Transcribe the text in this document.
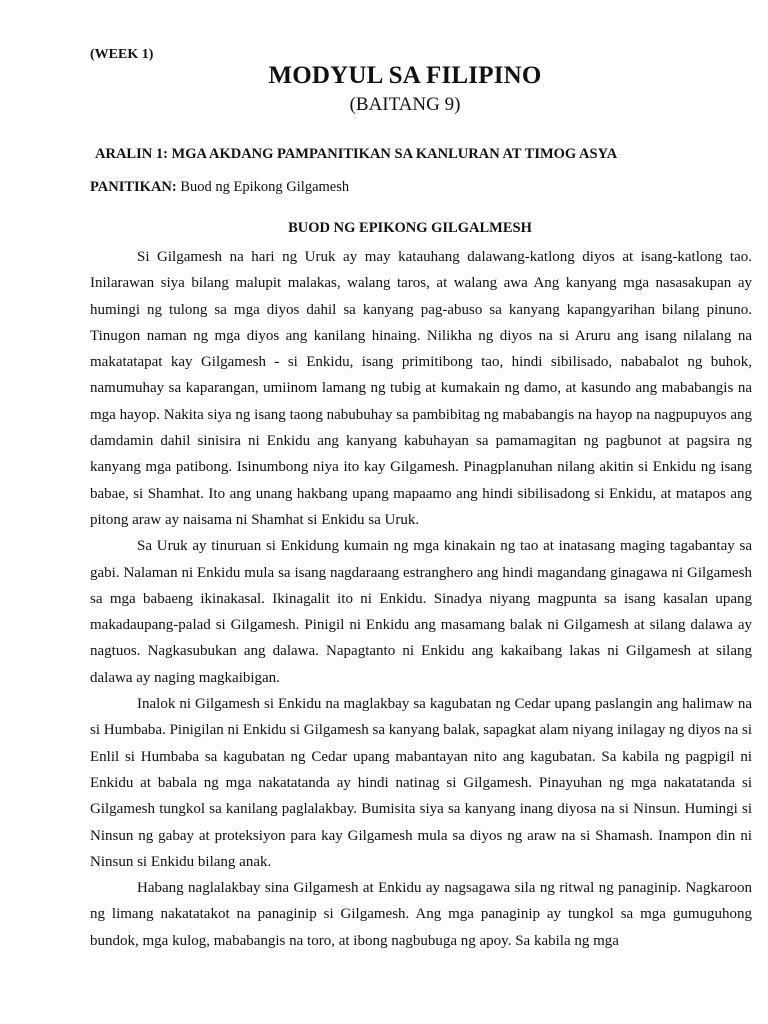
(WEEK 1)

MODYUL SA FILIPINO

(BAITANG 9)

ARALIN 1: MGA AKDANG PAMPANITIKAN SA KANLURAN AT TIMOG ASYA

PANITIKAN: Buod ng Epikong Gilgamesh

BUOD NG EPIKONG GILGALMESH

Si Gilgamesh na hari ng Uruk ay may katauhang dalawang-katlong diyos at isang-katlong tao. Inilarawan siya bilang malupit malakas, walang taros, at walang awa Ang kanyang mga nasasakupan ay humingi ng tulong sa mga diyos dahil sa kanyang pag-abuso sa kanyang kapangyarihan bilang pinuno. Tinugon naman ng mga diyos ang kanilang hinaing. Nilikha ng diyos na si Aruru ang isang nilalang na makatatapat kay Gilgamesh - si Enkidu, isang primitibong tao, hindi sibilisado, nababalot ng buhok, namumuhay sa kaparangan, umiinom lamang ng tubig at kumakain ng damo, at kasundo ang mababangis na mga hayop. Nakita siya ng isang taong nabubuhay sa pambibitag ng mababangis na hayop na nagpupuyos ang damdamin dahil sinisira ni Enkidu ang kanyang kabuhayan sa pamamagitan ng pagbunot at pagsira ng kanyang mga patibong. Isinumbong niya ito kay Gilgamesh. Pinagplanuhan nilang akitin si Enkidu ng isang babae, si Shamhat. Ito ang unang hakbang upang mapaamo ang hindi sibilisadong si Enkidu, at matapos ang pitong araw ay naisama ni Shamhat si Enkidu sa Uruk.

Sa Uruk ay tinuruan si Enkidung kumain ng mga kinakain ng tao at inatasang maging tagabantay sa gabi. Nalaman ni Enkidu mula sa isang nagdaraang estranghero ang hindi magandang ginagawa ni Gilgamesh sa mga babaeng ikinakasal. Ikinagalit ito ni Enkidu. Sinadya niyang magpunta sa isang kasalan upang makadaupang-palad si Gilgamesh. Pinigil ni Enkidu ang masamang balak ni Gilgamesh at silang dalawa ay nagtuos. Nagkasubukan ang dalawa. Napagtanto ni Enkidu ang kakaibang lakas ni Gilgamesh at silang dalawa ay naging magkaibigan.

Inalok ni Gilgamesh si Enkidu na maglakbay sa kagubatan ng Cedar upang paslangin ang halimaw na si Humbaba. Pinigilan ni Enkidu si Gilgamesh sa kanyang balak, sapagkat alam niyang inilagay ng diyos na si Enlil si Humbaba sa kagubatan ng Cedar upang mabantayan nito ang kagubatan. Sa kabila ng pagpigil ni Enkidu at babala ng mga nakatatanda ay hindi natinag si Gilgamesh. Pinayuhan ng mga nakatatanda si Gilgamesh tungkol sa kanilang paglalakbay. Bumisita siya sa kanyang inang diyosa na si Ninsun. Humingi si Ninsun ng gabay at proteksiyon para kay Gilgamesh mula sa diyos ng araw na si Shamash. Inampon din ni Ninsun si Enkidu bilang anak.

Habang naglalakbay sina Gilgamesh at Enkidu ay nagsagawa sila ng ritwal ng panaginip. Nagkaroon ng limang nakatatakot na panaginip si Gilgamesh. Ang mga panaginip ay tungkol sa mga gumuguhong bundok, mga kulog, mababangis na toro, at ibong nagbubuga ng apoy. Sa kabila ng mga
